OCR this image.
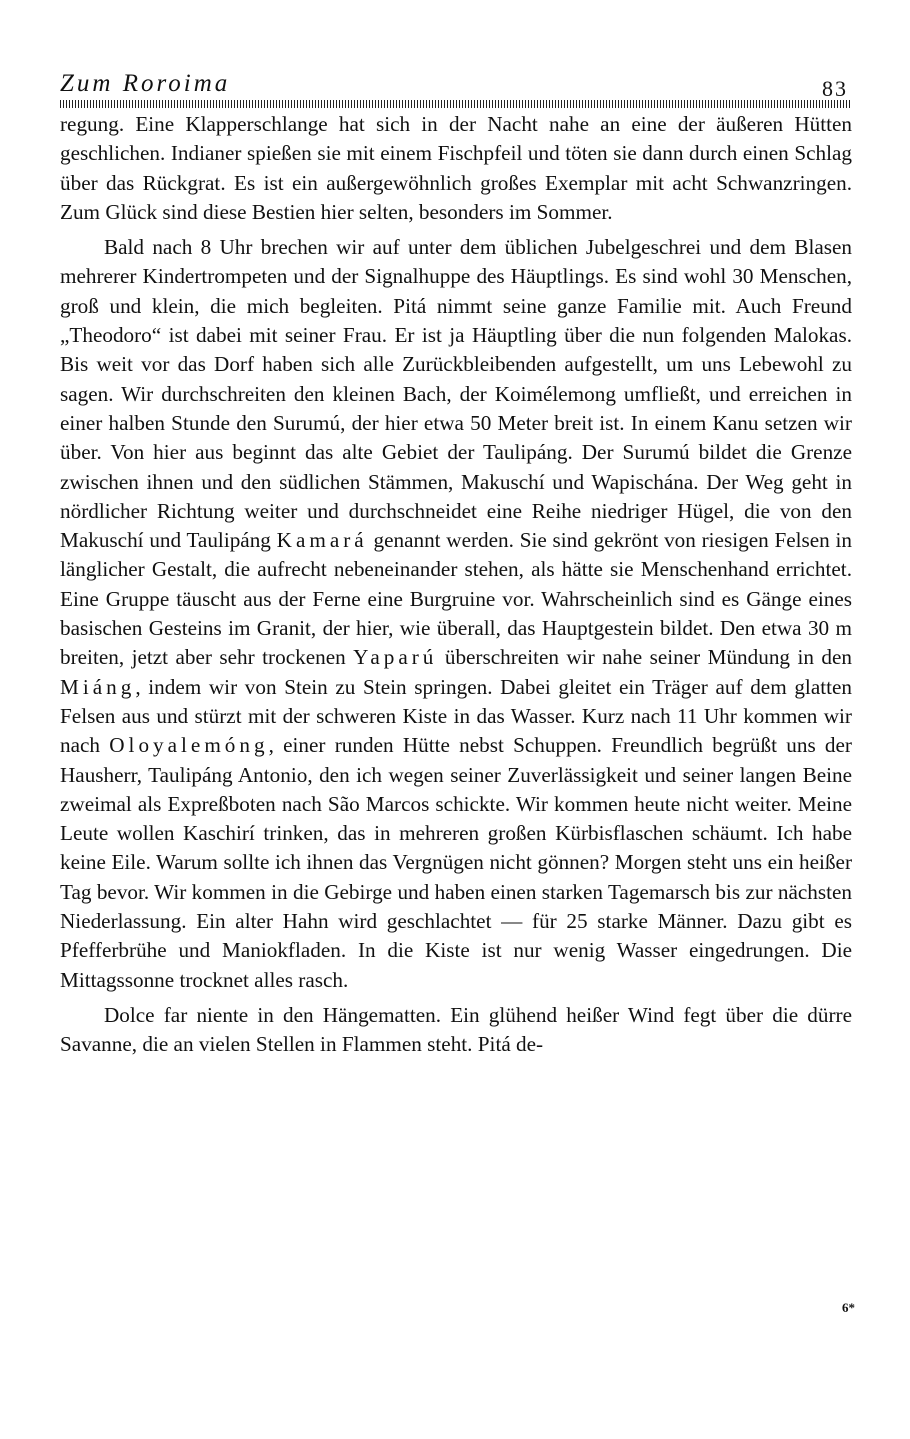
Zum Roroima	83

regung. Eine Klapperschlange hat sich in der Nacht nahe an eine der äußeren Hütten geschlichen. Indianer spießen sie mit einem Fischpfeil und töten sie dann durch einen Schlag über das Rückgrat. Es ist ein außergewöhnlich großes Exemplar mit acht Schwanzringen. Zum Glück sind diese Bestien hier selten, besonders im Sommer.

Bald nach 8 Uhr brechen wir auf unter dem üblichen Jubelgeschrei und dem Blasen mehrerer Kindertrompeten und der Signalhuppe des Häuptlings. Es sind wohl 30 Menschen, groß und klein, die mich begleiten. Pitá nimmt seine ganze Familie mit. Auch Freund „Theodoro“ ist dabei mit seiner Frau. Er ist ja Häuptling über die nun folgenden Malokas. Bis weit vor das Dorf haben sich alle Zurückbleibenden aufgestellt, um uns Lebewohl zu sagen. Wir durchschreiten den kleinen Bach, der Koimélemong umfließt, und erreichen in einer halben Stunde den Surumú, der hier etwa 50 Meter breit ist. In einem Kanu setzen wir über. Von hier aus beginnt das alte Gebiet der Taulipáng. Der Surumú bildet die Grenze zwischen ihnen und den südlichen Stämmen, Makuschí und Wapischána. Der Weg geht in nördlicher Richtung weiter und durchschneidet eine Reihe niedriger Hügel, die von den Makuschí und Taulipáng Kamará genannt werden. Sie sind gekrönt von riesigen Felsen in länglicher Gestalt, die aufrecht nebeneinander stehen, als hätte sie Menschenhand errichtet. Eine Gruppe täuscht aus der Ferne eine Burgruine vor. Wahrscheinlich sind es Gänge eines basischen Gesteins im Granit, der hier, wie überall, das Hauptgestein bildet. Den etwa 30 m breiten, jetzt aber sehr trockenen Yaparú überschreiten wir nahe seiner Mündung in den Miáng, indem wir von Stein zu Stein springen. Dabei gleitet ein Träger auf dem glatten Felsen aus und stürzt mit der schweren Kiste in das Wasser. Kurz nach 11 Uhr kommen wir nach Oloyalemóng, einer runden Hütte nebst Schuppen. Freundlich begrüßt uns der Hausherr, Taulipáng Antonio, den ich wegen seiner Zuverlässigkeit und seiner langen Beine zweimal als Expreßboten nach São Marcos schickte. Wir kommen heute nicht weiter. Meine Leute wollen Kaschirí trinken, das in mehreren großen Kürbisflaschen schäumt. Ich habe keine Eile. Warum sollte ich ihnen das Vergnügen nicht gönnen? Morgen steht uns ein heißer Tag bevor. Wir kommen in die Gebirge und haben einen starken Tagemarsch bis zur nächsten Niederlassung. Ein alter Hahn wird geschlachtet — für 25 starke Männer. Dazu gibt es Pfefferbrühe und Maniokfladen. In die Kiste ist nur wenig Wasser eingedrungen. Die Mittagssonne trocknet alles rasch.

Dolce far niente in den Hängematten. Ein glühend heißer Wind fegt über die dürre Savanne, die an vielen Stellen in Flammen steht. Pitá de-

6*
